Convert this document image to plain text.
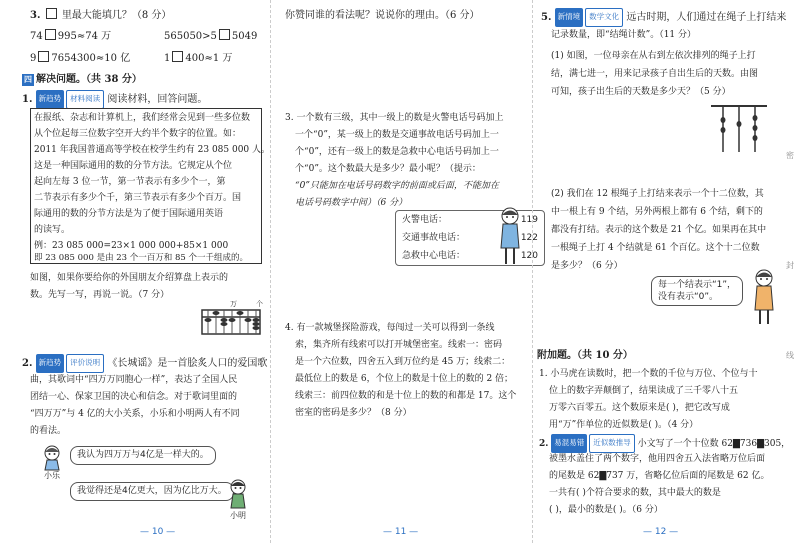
3. 里最大能填几？（8 分）
74 995≈74 万	565050>5 5049
9 7654300≈10 亿	1 400≈1 万
四 解决问题。（共 38 分）
1. 新趋势 材料阅读 阅读材料，回答问题。
在报纸、杂志和计算机上，我们经常会见到一些多位数
从个位起每三位数字空开大约半个数字的位置。如：
2011 年我国普通高等学校在校学生约有 23 085 000 人。
这是一种国际通用的数的分节方法。它规定从个位
起向左每 3 位一节，第一节表示有多少个一，第
二节表示有多少个千，第三节表示有多少个百万。国
际通用的数的分节方法是为了便于国际通用英语
的读写。
例：23 085 000=23×1 000 000+85×1 000
即 23 085 000 是由 23 个一百万和 85 个一千组成的。
如图，如果你要给你的外国朋友介绍算盘上表示的
数。先写一写，再说一说。（7 分）
万	个
2. 新趋势 评价说明 《长城谣》是一首脍炙人口的爱国歌
曲，其歌词中“四万万同胞心一样”，表达了全国人民
团结一心、保家卫国的决心和信念。对于歌词里面的
“四万万”与 4 亿的大小关系，小乐和小明两人有不同
的看法。
小乐
我认为四万万与4亿是一样大的。
我觉得还是4亿更大，因为亿比万大。
小明
— 10 —
你赞同谁的看法呢？说说你的理由。（6 分）
3. 一个数有三级，其中一级上的数是火警电话号码加上
一个“0”，某一级上的数是交通事故电话号码加上一
个“0”，还有一级上的数是急救中心电话号码加上一
个“0”。这个数最大是多少？最小呢？（提示：
“0”只能加在电话号码数字的前面或后面，不能加在
电话号码数字中间）（6 分）
火警电话：	119
交通事故电话：	122
急救中心电话：	120
4. 有一款城堡探险游戏，每闯过一关可以得到一条线
索，集齐所有线索可以打开城堡密室。线索一：密码
是一个六位数，四舍五入到万位约是 45 万；线索二：
最低位上的数是 6，个位上的数是十位上的数的 2 倍；
线索三：前四位数的和是十位上的数的和都是 17。这个
密室的密码是多少？（8 分）
— 11 —
5. 新情境 数学文化 远古时期，人们通过在绳子上打结来
记录数量，即“结绳计数”。（11 分）
(1) 如图，一位母亲在从右到左依次排列的绳子上打
结，满七进一，用来记录孩子自出生后的天数。由图
可知，孩子出生后的天数是多少天？（5 分）
(2) 我们在 12 根绳子上打结来表示一个十二位数，其
中一根上有 9 个结，另外两根上都有 6 个结，剩下的
都没有打结。表示的这个数是 21 个亿。如果再在其中
一根绳子上打 4 个结就是 61 个百亿。这个十二位数
是多少？（6 分）
每一个结表示“1”，
没有表示“0”。
附加题。（共 10 分）
1. 小马虎在读数时，把一个数的千位与万位、个位与十
位上的数字弄颠倒了，结果读成了三千零八十五
万零六百零五。这个数原来是( )，把它改写成
用“万”作单位的近似数是( )。（4 分）
2. 易混易错 近似数推导 小文写了一个十位数 62▇736▇305，
被墨水盖住了两个数字，他用四舍五入法省略万位后面
的尾数是 62▇737 万，省略亿位后面的尾数是 62 亿。
一共有( )个符合要求的数，其中最大的数是
( )，最小的数是( )。（6 分）
密
封
线
— 12 —
